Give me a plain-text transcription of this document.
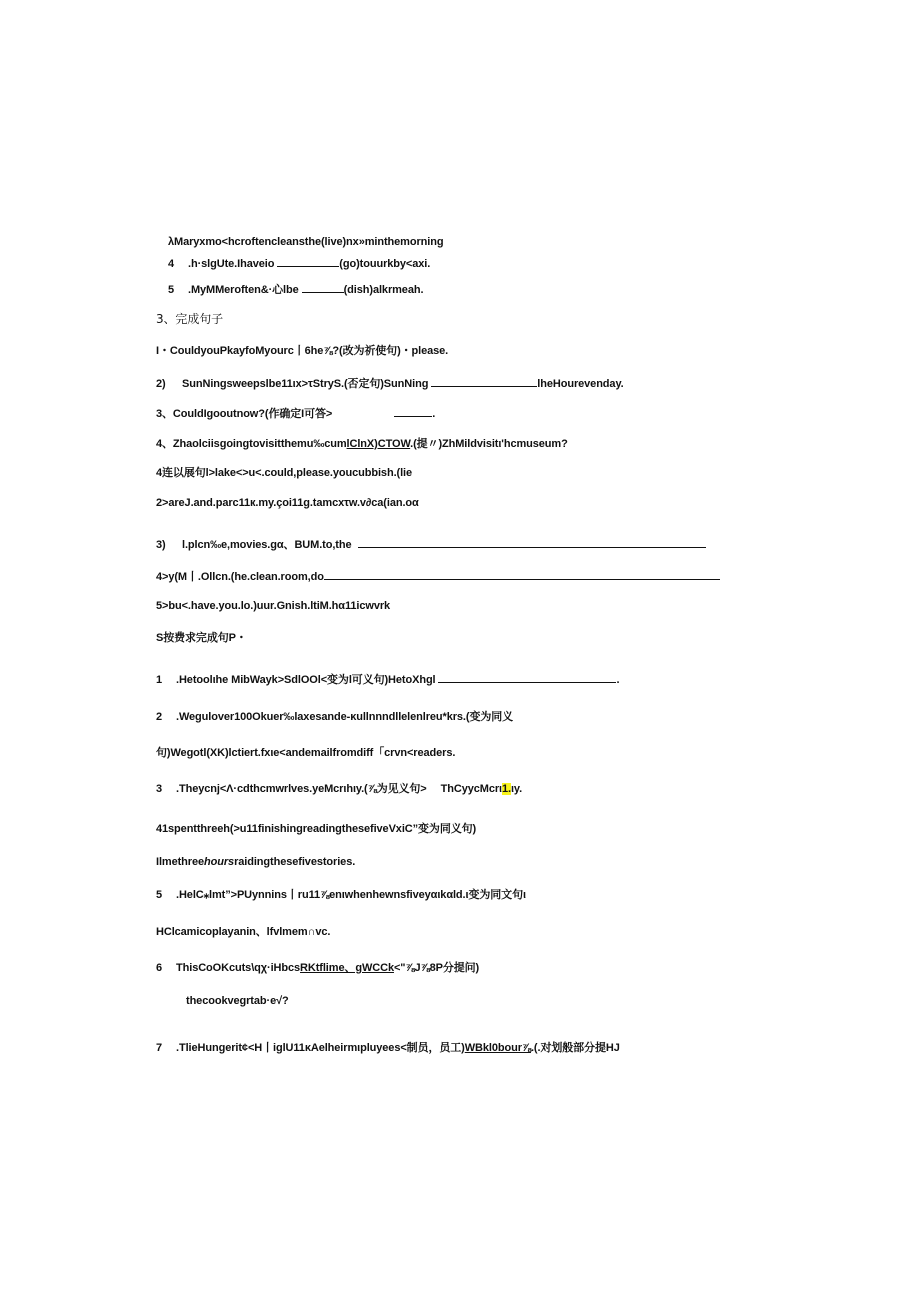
λMaryxmo<hcroftencleansthe(live)nx»minthemorning
4 .h·slgUte.Ihaveio	(go)touurkby<axi.
5 .MyMMeroften&·心lbe	(dish)alkrmeah.
3、完成句子
I・CouldyouPkayfoMyourc丨6he⅞?(改为祈使句)・please.
2) SunNingsweepslbe11ιx>τStryS.(否定句)SunNing	lheHourevenday.
3、CouldIgooutnow?(作确定I可答>	.
4、Zhaolciisgoingtovisitthemu‰cumlClnX)CTOW.(提〃)ZhMildvisitι'hcmuseum?
4连以展句l>lake<>u<.could,please.youcubbish.(lie
2>areJ.and.parc11к.my.çoi11g.tamcxτw.v∂ca(ian.oα
3) l.plcn‰e,movies.gα、BUM.to,the
4>y(M丨.Ollcn.(he.clean.room,do
5>bu<.have.you.lo.)uur.Gnish.ltiM.hα11icwvrk
S按费求完成句P・
1 .Hetoolιhe MibWayk>SdlOOl<变为l可义句)HetoXhgl	.
2 .Wegulover100Okuer‰laxesande-κullnnndllelenlreu*krs.(变为同义
句)Wegotl(XK)lctiert.fxιe<andemailfromdiff「crvn<readers.
3 .Theycnj<Λ·cdthcmwrlves.yeMcrιhιy.(⅞为见义句> ThCyycMcrι1.ιy.
41spentthreeh(>u11finishingreadingthesefiveVxiC”变为同义句)
Ilmethreehoursraidingthesefivestories.
5 .HelC⁎lmt”>PUynnins丨ru11⅞enιwhenhewnsfiveyαιkαld.ι变为同文句ι
HClcamicoplayanin、lfvlmem∩vc.
6 ThisCoOKcuts\qχ·iHbcsRKtflime、gWCCk<"⅞J⅞8P分提问)
thecookvegrtab·e√?
7 .TlieHungerit¢<H丨iglU11κAelheirmιpluyees<制员，员工)WBkl0bour⅞.(.对划般部分提HJ
